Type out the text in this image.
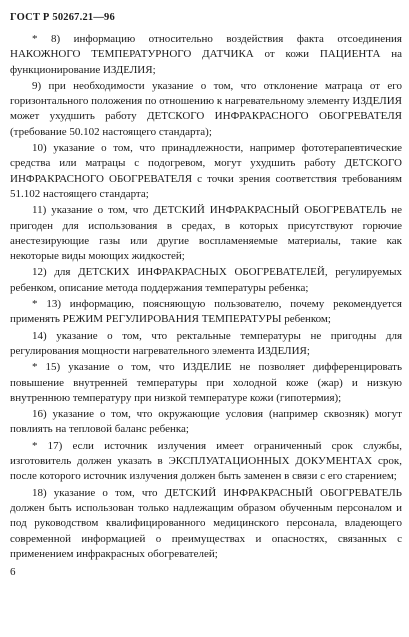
ГОСТ Р 50267.21—96

* 8) информацию относительно воздействия факта отсоединения НАКОЖНОГО ТЕМПЕРАТУРНОГО ДАТЧИКА от кожи ПАЦИЕНТА на функционирование ИЗДЕЛИЯ;

9) при необходимости указание о том, что отклонение матраца от его горизонтального положения по отношению к нагревательному элементу ИЗДЕЛИЯ может ухудшить работу ДЕТСКОГО ИНФРАКРАСНОГО ОБОГРЕВАТЕЛЯ (требование 50.102 настоящего стандарта);

10) указание о том, что принадлежности, например фототерапевтические средства или матрацы с подогревом, могут ухудшить работу ДЕТСКОГО ИНФРАКРАСНОГО ОБОГРЕВАТЕЛЯ с точки зрения соответствия требованиям 51.102 настоящего стандарта;

11) указание о том, что ДЕТСКИЙ ИНФРАКРАСНЫЙ ОБОГРЕВАТЕЛЬ не пригоден для использования в средах, в которых присутствуют горючие анестезирующие газы или другие воспламеняемые материалы, такие как некоторые виды моющих жидкостей;

12) для ДЕТСКИХ ИНФРАКРАСНЫХ ОБОГРЕВАТЕЛЕЙ, регулируемых ребенком, описание метода поддержания температуры ребенка;

* 13) информацию, поясняющую пользователю, почему рекомендуется применять РЕЖИМ РЕГУЛИРОВАНИЯ ТЕМПЕРАТУРЫ ребенком;

14) указание о том, что ректальные температуры не пригодны для регулирования мощности нагревательного элемента ИЗДЕЛИЯ;

* 15) указание о том, что ИЗДЕЛИЕ не позволяет дифференцировать повышение внутренней температуры при холодной коже (жар) и низкую внутреннюю температуру при низкой температуре кожи (гипотермия);

16) указание о том, что окружающие условия (например сквозняк) могут повлиять на тепловой баланс ребенка;

* 17) если источник излучения имеет ограниченный срок службы, изготовитель должен указать в ЭКСПЛУАТАЦИОННЫХ ДОКУМЕНТАХ срок, после которого источник излучения должен быть заменен в связи с его старением;

18) указание о том, что ДЕТСКИЙ ИНФРАКРАСНЫЙ ОБОГРЕВАТЕЛЬ должен быть использован только надлежащим образом обученным персоналом и под руководством квалифицированного медицинского персонала, владеющего современной информацией о преимуществах и опасностях, связанных с применением инфракрасных обогревателей;

6
